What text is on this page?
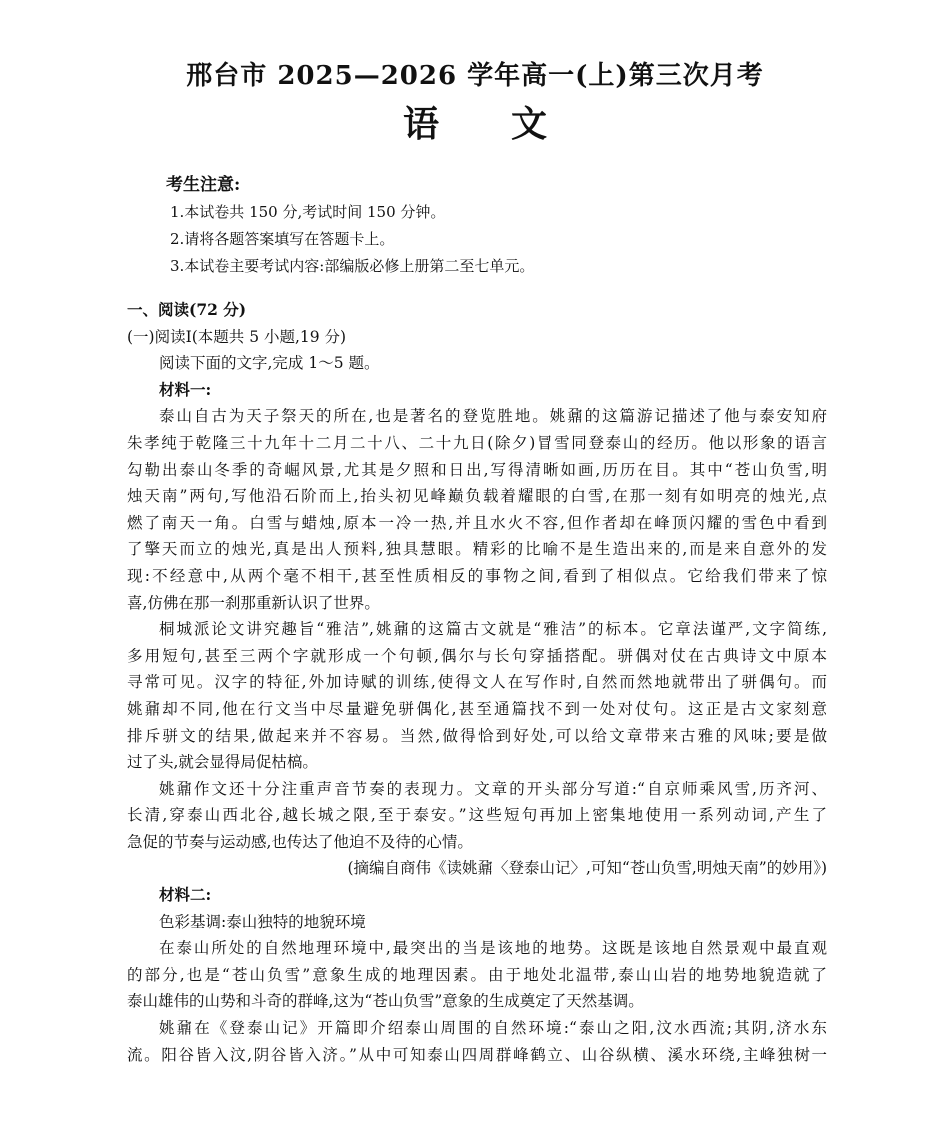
邢台市 2025—2026 学年高一(上)第三次月考
语　　文
考生注意:
1.本试卷共 150 分,考试时间 150 分钟。
2.请将各题答案填写在答题卡上。
3.本试卷主要考试内容:部编版必修上册第二至七单元。
一、阅读(72 分)
(一)阅读Ⅰ(本题共 5 小题,19 分)
阅读下面的文字,完成 1～5 题。
材料一:
泰山自古为天子祭天的所在,也是著名的登览胜地。姚鼐的这篇游记描述了他与泰安知府
朱孝纯于乾隆三十九年十二月二十八、二十九日(除夕)冒雪同登泰山的经历。他以形象的语言
勾勒出泰山冬季的奇崛风景,尤其是夕照和日出,写得清晰如画,历历在目。其中“苍山负雪,明
烛天南”两句,写他沿石阶而上,抬头初见峰巅负载着耀眼的白雪,在那一刻有如明亮的烛光,点
燃了南天一角。白雪与蜡烛,原本一冷一热,并且水火不容,但作者却在峰顶闪耀的雪色中看到
了擎天而立的烛光,真是出人预料,独具慧眼。精彩的比喻不是生造出来的,而是来自意外的发
现:不经意中,从两个毫不相干,甚至性质相反的事物之间,看到了相似点。它给我们带来了惊
喜,仿佛在那一刹那重新认识了世界。
桐城派论文讲究趣旨“雅洁”,姚鼐的这篇古文就是“雅洁”的标本。它章法谨严,文字简练,
多用短句,甚至三两个字就形成一个句顿,偶尔与长句穿插搭配。骈偶对仗在古典诗文中原本
寻常可见。汉字的特征,外加诗赋的训练,使得文人在写作时,自然而然地就带出了骈偶句。而
姚鼐却不同,他在行文当中尽量避免骈偶化,甚至通篇找不到一处对仗句。这正是古文家刻意
排斥骈文的结果,做起来并不容易。当然,做得恰到好处,可以给文章带来古雅的风味;要是做
过了头,就会显得局促枯槁。
姚鼐作文还十分注重声音节奏的表现力。文章的开头部分写道:“自京师乘风雪,历齐河、
长清,穿泰山西北谷,越长城之限,至于泰安。”这些短句再加上密集地使用一系列动词,产生了
急促的节奏与运动感,也传达了他迫不及待的心情。
(摘编自商伟《读姚鼐〈登泰山记〉,可知“苍山负雪,明烛天南”的妙用》)
材料二:
色彩基调:泰山独特的地貌环境
在泰山所处的自然地理环境中,最突出的当是该地的地势。这既是该地自然景观中最直观
的部分,也是“苍山负雪”意象生成的地理因素。由于地处北温带,泰山山岩的地势地貌造就了
泰山雄伟的山势和斗奇的群峰,这为“苍山负雪”意象的生成奠定了天然基调。
姚鼐在《登泰山记》开篇即介绍泰山周围的自然环境:“泰山之阳,汶水西流;其阴,济水东
流。阳谷皆入汶,阴谷皆入济。”从中可知泰山四周群峰鹤立、山谷纵横、溪水环绕,主峰独树一
